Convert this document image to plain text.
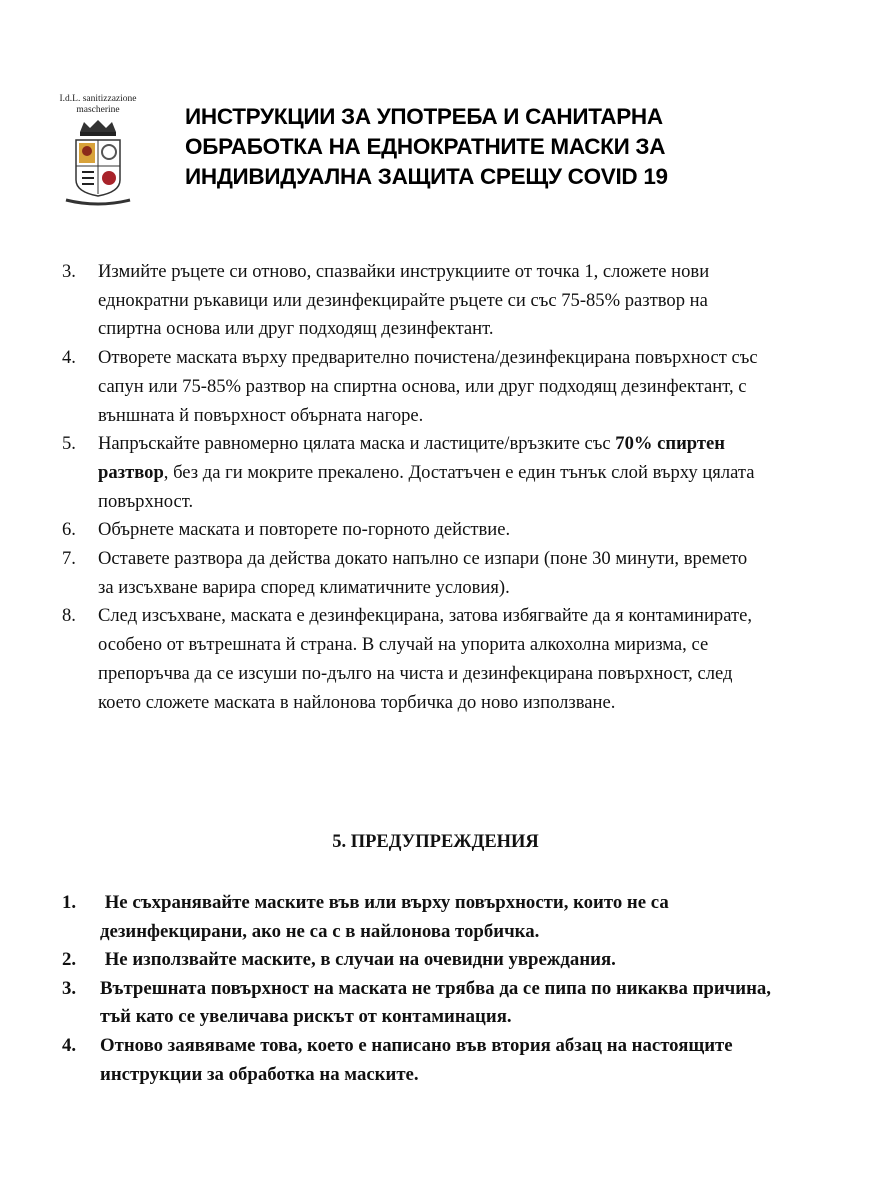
I.d.L. sanitizzazione
mascherine	ИНСТРУКЦИИ ЗА УПОТРЕБА И САНИТАРНА
ОБРАБОТКА НА ЕДНОКРАТНИТЕ МАСКИ ЗА
ИНДИВИДУАЛНА ЗАЩИТА СРЕЩУ COVID 19
3. Измийте ръцете си отново, спазвайки инструкциите от точка 1, сложете нови
еднократни ръкавици или дезинфекцирайте ръцете си със 75-85% разтвор на
спиртна основа или друг подходящ дезинфектант.
4. Отворете маската върху предварително почистена/дезинфекцирана повърхност със
сапун или 75-85% разтвор на спиртна основа, или друг подходящ дезинфектант, с
външната й повърхност обърната нагоре.
5. Напръскайте равномерно цялата маска и ластиците/връзките със 70% спиртен
разтвор, без да ги мокрите прекалено. Достатъчен е един тънък слой върху цялата
повърхност.
6. Обърнете маската и повторете по-горното действие.
7. Оставете разтвора да действа докато напълно се изпари (поне 30 минути, времето
за изсъхване варира според климатичните условия).
8. След изсъхване, маската е дезинфекцирана, затова избягвайте да я контаминирате,
особено от вътрешната й страна. В случай на упорита алкохолна миризма, се
препоръчва да се изсуши по-дълго на чиста и дезинфекцирана повърхност, след
което сложете маската в найлонова торбичка до ново използване.
5. ПРЕДУПРЕЖДЕНИЯ
1. Не съхранявайте маските във или върху повърхности, които не са
дезинфекцирани, ако не са с в найлонова торбичка.
2. Не използвайте маските, в случаи на очевидни увреждания.
3. Вътрешната повърхност на маската не трябва да се пипа по никаква причина,
тъй като се увеличава рискът от контаминация.
4. Отново заявяваме това, което е написано във втория абзац на настоящите
инструкции за обработка на маските.
